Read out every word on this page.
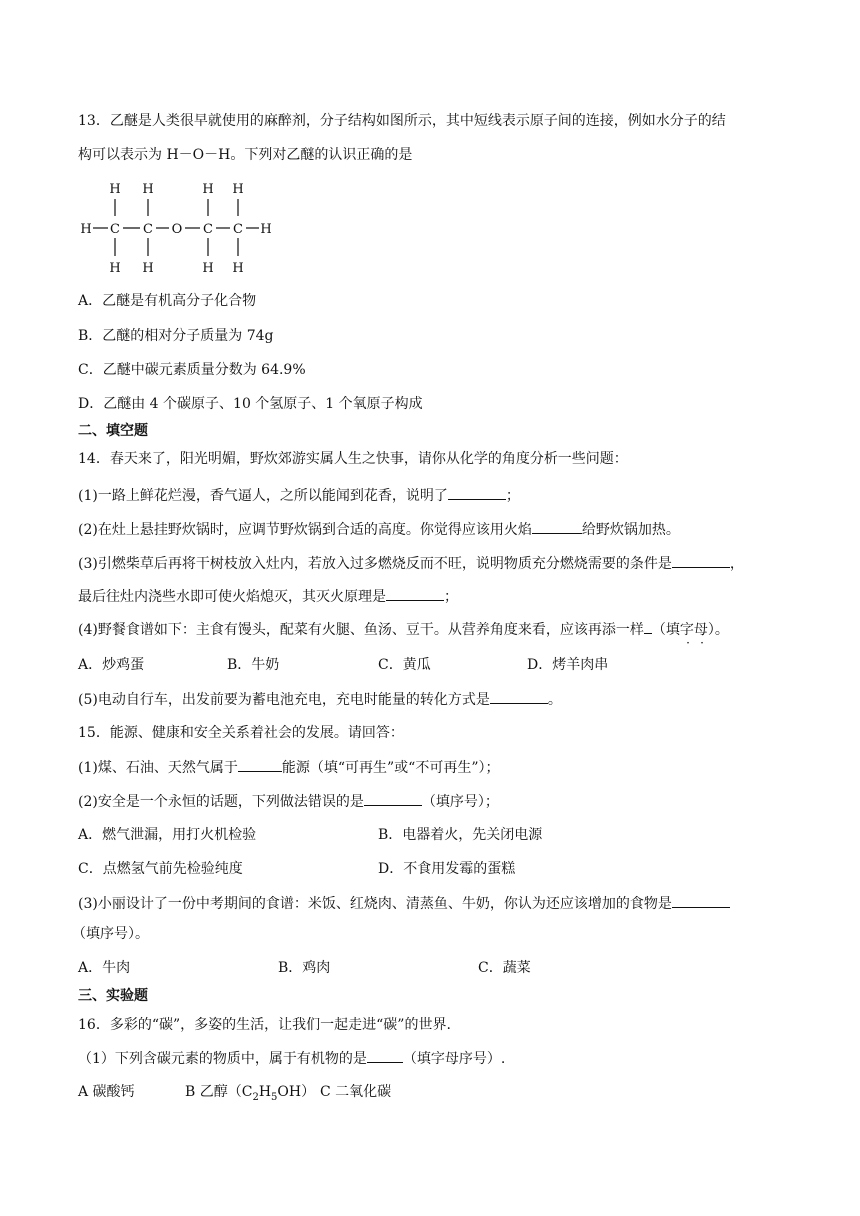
13．乙醚是人类很早就使用的麻醉剂，分子结构如图所示，其中短线表示原子间的连接，例如水分子的结
构可以表示为 H－O－H。下列对乙醚的认识正确的是
H H	H H
H C C O C C H
H H	H H
A．乙醚是有机高分子化合物
B．乙醚的相对分子质量为 74g
C．乙醚中碳元素质量分数为 64.9%
D．乙醚由 4 个碳原子、10 个氢原子、1 个氧原子构成
二、填空题
14．春天来了，阳光明媚，野炊郊游实属人生之快事，请你从化学的角度分析一些问题：
(1)一路上鲜花烂漫，香气逼人，之所以能闻到花香，说明了	；
(2)在灶上悬挂野炊锅时，应调节野炊锅到合适的高度。你觉得应该用火焰	给野炊锅加热。
(3)引燃柴草后再将干树枝放入灶内，若放入过多燃烧反而不旺，说明物质充分燃烧需要的条件是	，
最后往灶内浇些水即可使火焰熄灭，其灭火原理是	；
(4)野餐食谱如下：主食有馒头，配菜有火腿、鱼汤、豆干。从营养角度来看，应该再添一样 （填字母）。
A．炒鸡蛋	B．牛奶	C．黄瓜	D．烤羊肉串
(5)电动自行车，出发前要为蓄电池充电，充电时能量的转化方式是	。
15．能源、健康和安全关系着社会的发展。请回答：
(1)煤、石油、天然气属于	能源（填“可再生”或“不可再生”）；
(2)安全是一个永恒的话题，下列做法错误的是	（填序号）；
A．燃气泄漏，用打火机检验	B．电器着火，先关闭电源
C．点燃氢气前先检验纯度	D．不食用发霉的蛋糕
(3)小丽设计了一份中考期间的食谱：米饭、红烧肉、清蒸鱼、牛奶，你认为还应该增加的食物是
（填序号）。
A．牛肉	B．鸡肉	C．蔬菜
三、实验题
16．多彩的“碳”，多姿的生活，让我们一起走进“碳”的世界.
（1）下列含碳元素的物质中，属于有机物的是	（填字母序号）.
A 碳酸钙	B 乙醇$(C_2H_5OH)$ C 二氧化碳
